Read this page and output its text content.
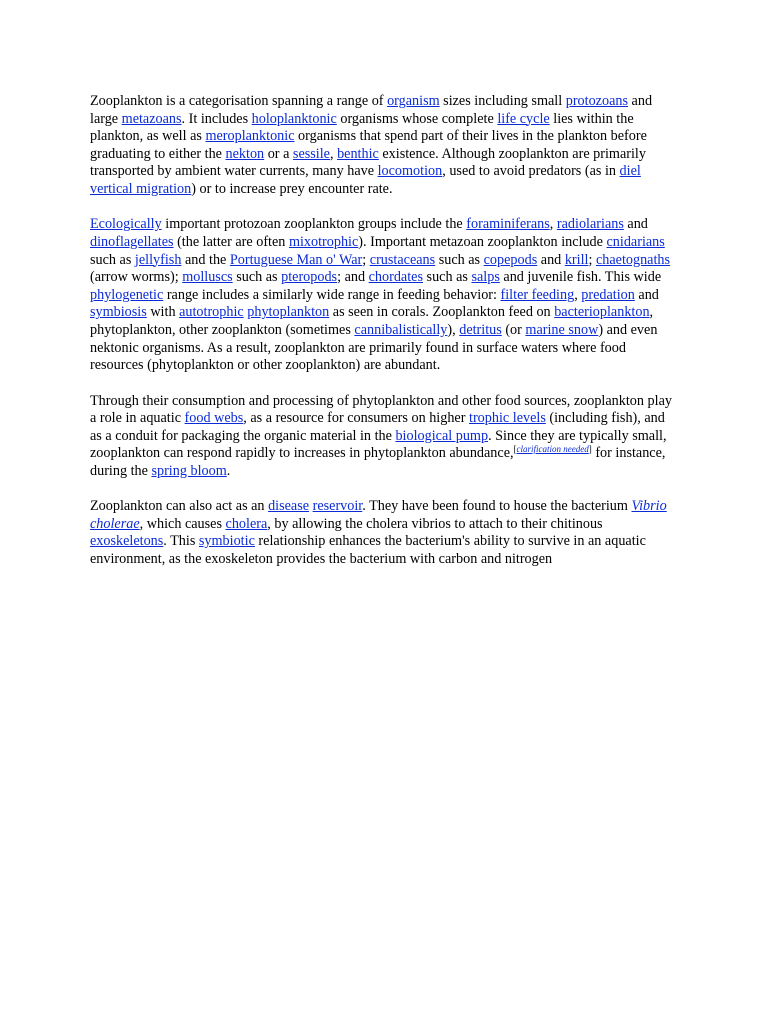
Zooplankton is a categorisation spanning a range of organism sizes including small protozoans and large metazoans. It includes holoplanktonic organisms whose complete life cycle lies within the plankton, as well as meroplanktonic organisms that spend part of their lives in the plankton before graduating to either the nekton or a sessile, benthic existence. Although zooplankton are primarily transported by ambient water currents, many have locomotion, used to avoid predators (as in diel vertical migration) or to increase prey encounter rate.

Ecologically important protozoan zooplankton groups include the foraminiferans, radiolarians and dinoflagellates (the latter are often mixotrophic). Important metazoan zooplankton include cnidarians such as jellyfish and the Portuguese Man o' War; crustaceans such as copepods and krill; chaetognaths (arrow worms); molluscs such as pteropods; and chordates such as salps and juvenile fish. This wide phylogenetic range includes a similarly wide range in feeding behavior: filter feeding, predation and symbiosis with autotrophic phytoplankton as seen in corals. Zooplankton feed on bacterioplankton, phytoplankton, other zooplankton (sometimes cannibalistically), detritus (or marine snow) and even nektonic organisms. As a result, zooplankton are primarily found in surface waters where food resources (phytoplankton or other zooplankton) are abundant.

Through their consumption and processing of phytoplankton and other food sources, zooplankton play a role in aquatic food webs, as a resource for consumers on higher trophic levels (including fish), and as a conduit for packaging the organic material in the biological pump. Since they are typically small, zooplankton can respond rapidly to increases in phytoplankton abundance,[clarification needed] for instance, during the spring bloom.

Zooplankton can also act as an disease reservoir. They have been found to house the bacterium Vibrio cholerae, which causes cholera, by allowing the cholera vibrios to attach to their chitinous exoskeletons. This symbiotic relationship enhances the bacterium's ability to survive in an aquatic environment, as the exoskeleton provides the bacterium with carbon and nitrogen
